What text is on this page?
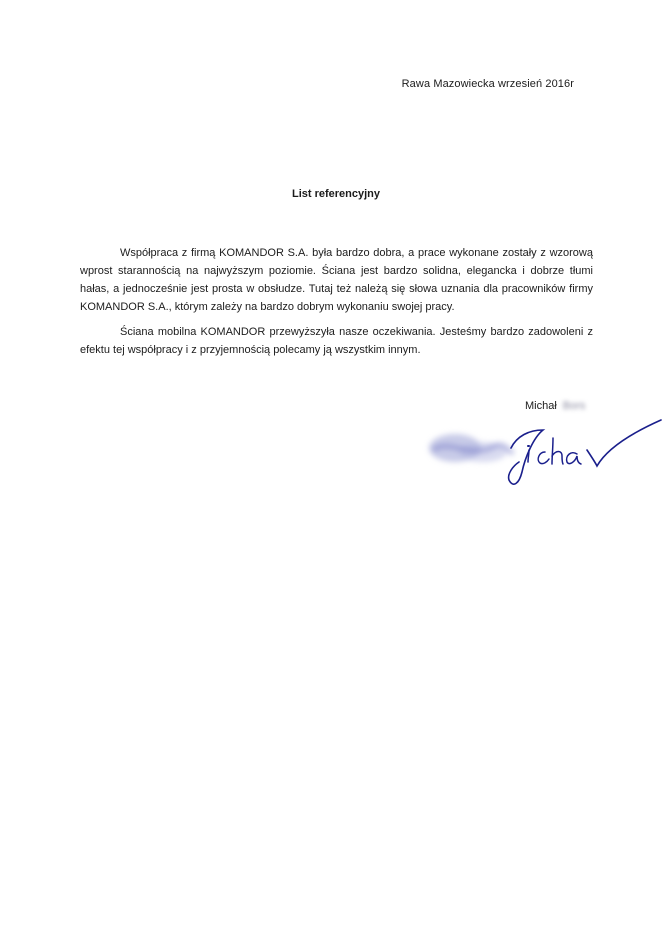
Rawa Mazowiecka wrzesień 2016r
List referencyjny

Współpraca z firmą KOMANDOR S.A. była bardzo dobra, a prace wykonane zostały z wzorową wprost starannością na najwyższym poziomie. Ściana jest bardzo solidna, elegancka i dobrze tłumi hałas, a jednocześnie jest prosta w obsłudze. Tutaj też należą się słowa uznania dla pracowników firmy KOMANDOR S.A., którym zależy na bardzo dobrym wykonaniu swojej pracy.

Ściana mobilna KOMANDOR przewyższyła nasze oczekiwania. Jesteśmy bardzo zadowoleni z efektu tej współpracy i z przyjemnością polecamy ją wszystkim innym.

Michał Bors
